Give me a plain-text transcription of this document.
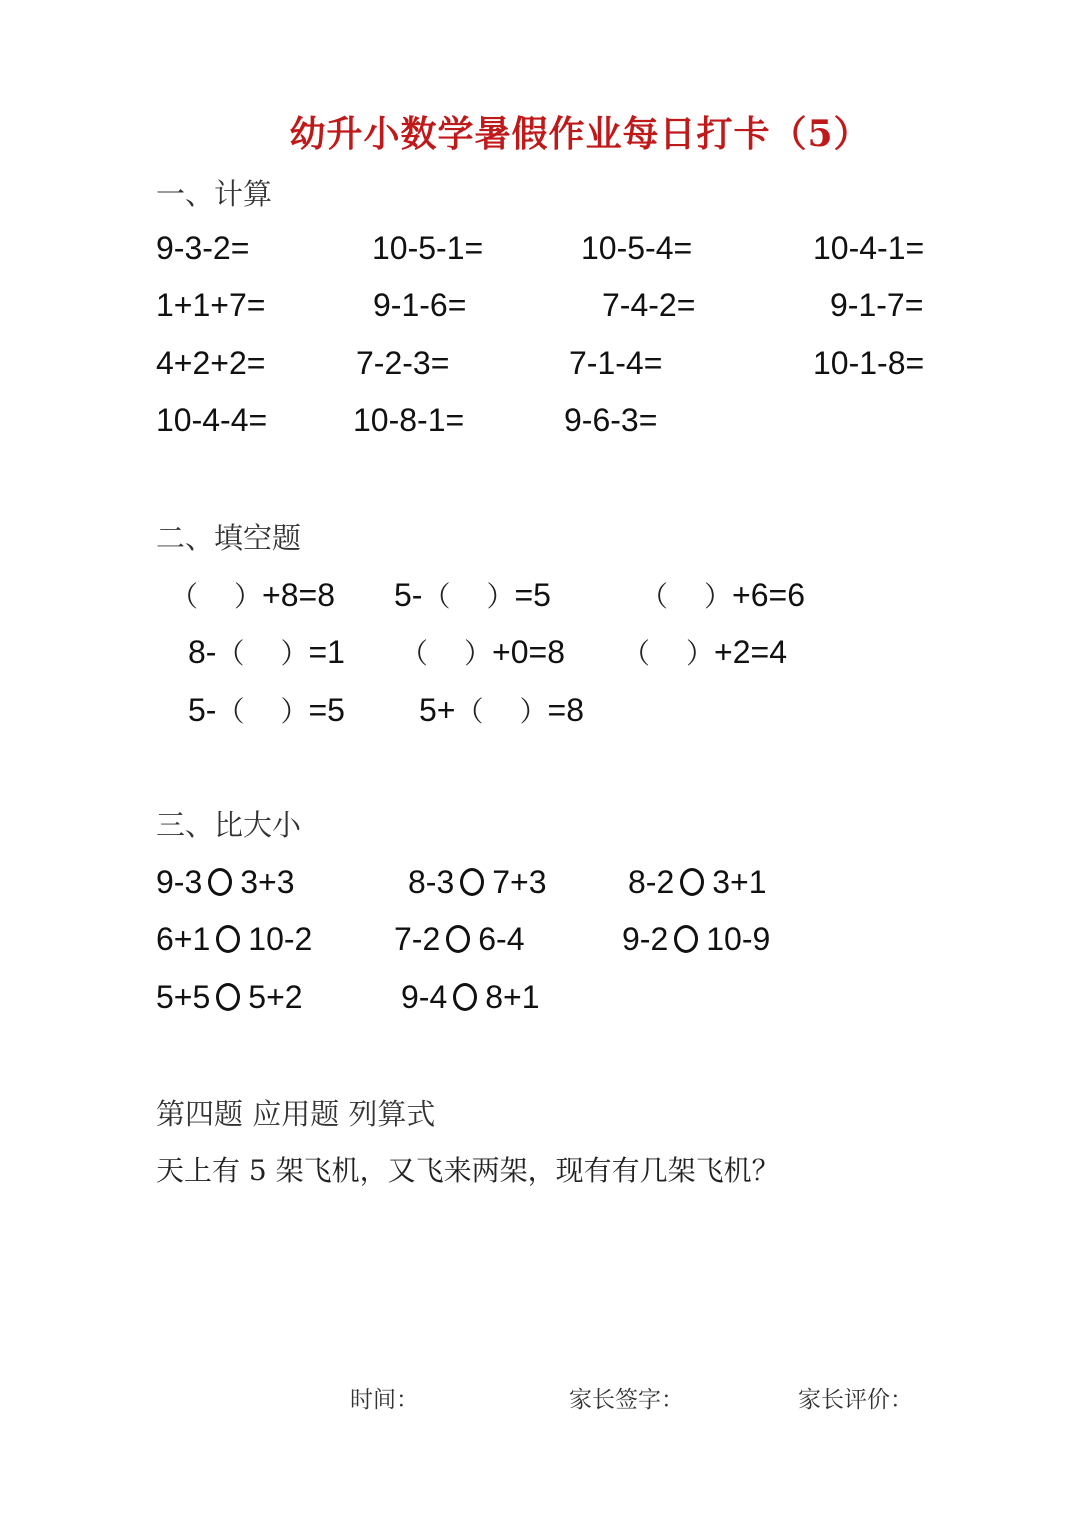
幼升小数学暑假作业每日打卡（5）
一、计算
9-3-2=	10-5-1=	10-5-4=	10-4-1=
1+1+7=	9-1-6=	7-4-2=	9-1-7=
4+2+2=	7-2-3=	7-1-4=	10-1-8=
10-4-4=	10-8-1=	9-6-3=
二、填空题
（ ）+8=8 5-（ ）=5	（ ）+6=6
8-（ ）=1 （ ）+0=8 （ ）+2=4
5-（ ）=5 5+（ ）=8
三、比大小
9-3 3+3	8-3 7+3	8-2 3+1
6+1 10-2	7-2 6-4	9-2 10-9
5+5 5+2	9-4 8+1
第四题 应用题 列算式
天上有 5 架飞机，又飞来两架，现有有几架飞机？
时间：	家长签字：	家长评价：
